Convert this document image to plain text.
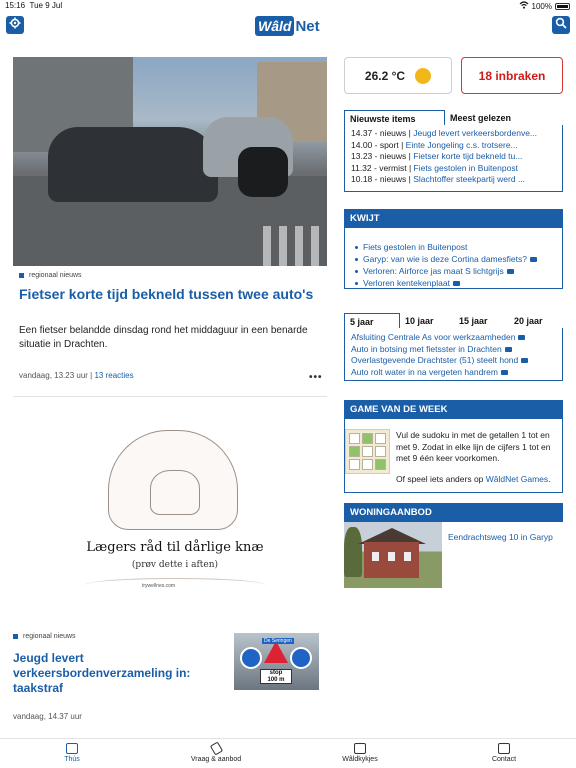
15:16 Tue 9 Jul	100%
Wâld Net
regionaal nieuws
Fietser korte tijd bekneld tussen twee auto's
Een fietser belandde dinsdag rond het middaguur in een benarde situatie in Drachten.
vandaag, 13.23 uur | 13 reacties	•••
Lægers råd til dårlige knæ
(prøv dette i aften)
trywellnes.com
regionaal nieuws
Jeugd levert verkeersbordenverzameling in: taakstraf
stop
100 m
De Seringen
vandaag, 14.37 uur
26.2 °C	18 inbraken
Nieuwste items	Meest gelezen
14.37 - nieuws | Jeugd levert verkeersbordenve...
14.00 - sport | Einte Jongeling c.s. trotsere...
13.23 - nieuws | Fietser korte tijd bekneld tu...
11.32 - vermist | Fiets gestolen in Buitenpost
10.18 - nieuws | Slachtoffer steekpartij werd ...
KWIJT
Fiets gestolen in Buitenpost
Garyp: van wie is deze Cortina damesfiets?
Verloren: Airforce jas maat S lichtgrijs
Verloren kentekenplaat
5 jaar	10 jaar	15 jaar	20 jaar
Afsluiting Centrale As voor werkzaamheden
Auto in botsing met fietsster in Drachten
Overlastgevende Drachtster (51) steelt hond
Auto rolt water in na vergeten handrem
GAME VAN DE WEEK
Vul de sudoku in met de getallen 1 tot en met 9. Zodat in elke lijn de cijfers 1 tot en met 9 één keer voorkomen.
Of speel iets anders op WâldNet Games.
WONINGAANBOD
Eendrachtsweg 10 in Garyp
Thús	Vraag & aanbod	Wâldkykjes	Contact
